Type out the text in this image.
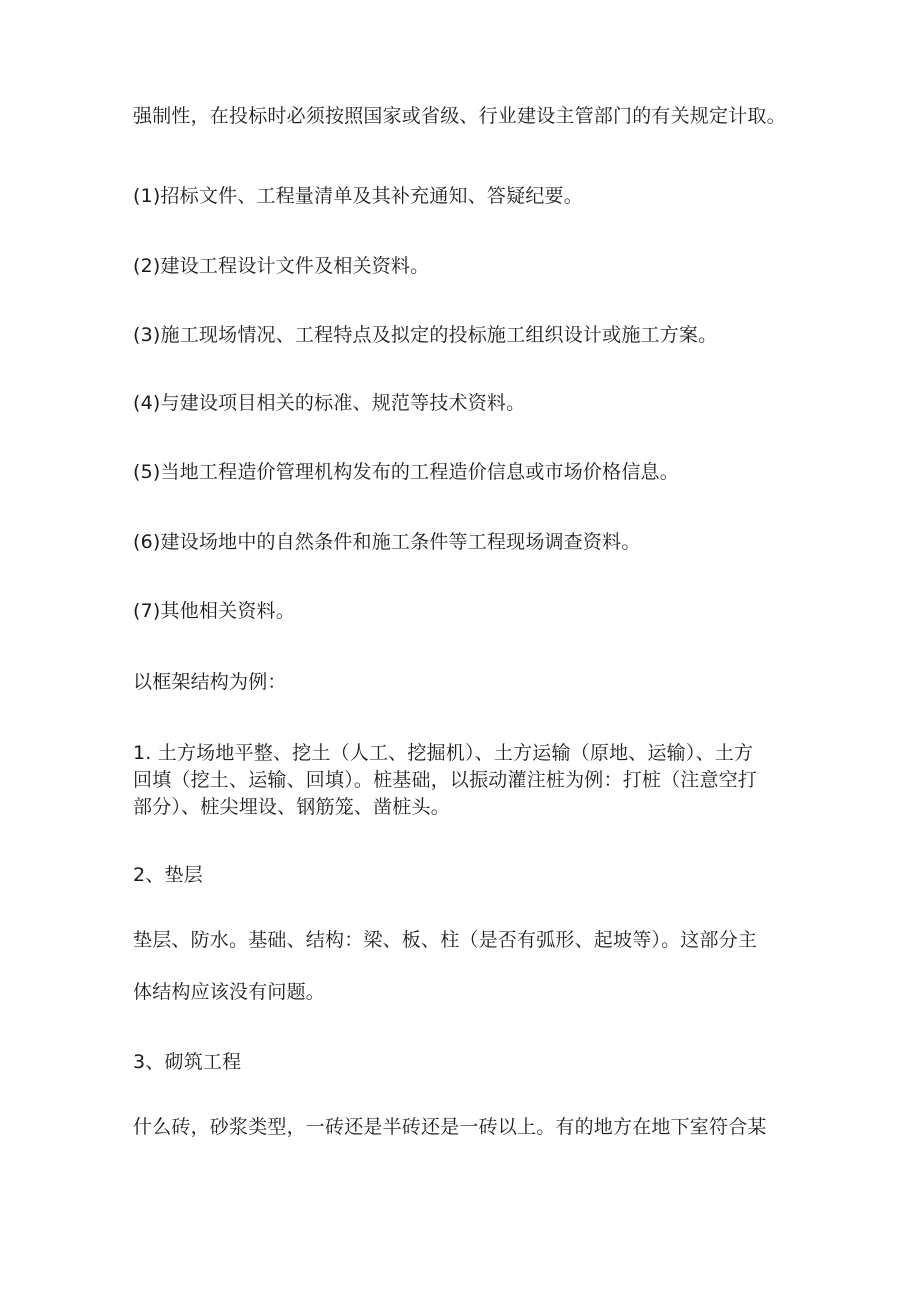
强制性，在投标时必须按照国家或省级、行业建设主管部门的有关规定计取。
(1)招标文件、工程量清单及其补充通知、答疑纪要。
(2)建设工程设计文件及相关资料。
(3)施工现场情况、工程特点及拟定的投标施工组织设计或施工方案。
(4)与建设项目相关的标准、规范等技术资料。
(5)当地工程造价管理机构发布的工程造价信息或市场价格信息。
(6)建设场地中的自然条件和施工条件等工程现场调查资料。
(7)其他相关资料。
以框架结构为例：
1. 土方场地平整、挖土（人工、挖掘机）、土方运输（原地、运输）、土方
回填（挖土、运输、回填）。桩基础，以振动灌注桩为例：打桩（注意空打
部分）、桩尖埋设、钢筋笼、凿桩头。
2、垫层
垫层、防水。基础、结构：梁、板、柱（是否有弧形、起坡等）。这部分主
体结构应该没有问题。
3、砌筑工程
什么砖，砂浆类型，一砖还是半砖还是一砖以上。有的地方在地下室符合某
